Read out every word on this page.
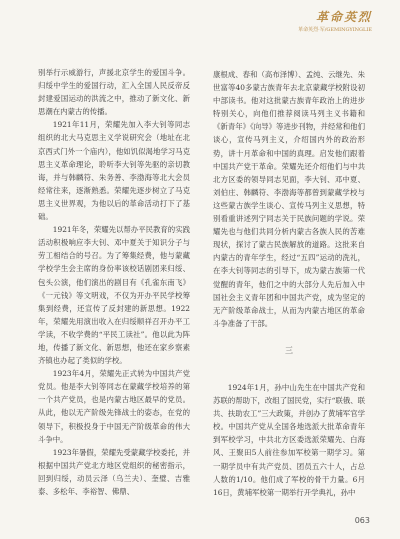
革命英烈
革命英烈·军/GEMINGYINGLIE

别举行示威游行，声援北京学生的爱国斗争。归绥中学生的爱国行动，汇入全国人民反帝反封建爱国运动的洪流之中，推动了新文化、新思潮在内蒙古的传播。

1921年11月，荣耀先加入李大钊等同志组织的北大马克思主义学说研究会（地址在北京西式门外一个庙内），他如饥似渴地学习马克思主义革命理论，聆听李大钊等先驱的亲切教诲，并与韩麟符、朱务善、李渤海等北大会员经常往来，逐渐熟悉。荣耀先逐步树立了马克思主义世界观，为他以后的革命活动打下了基础。

1921年冬，荣耀先以帮办平民教育的实践活动积极响应李大钊、邓中夏关于知识分子与劳工相结合的号召。为了筹集经费，他与蒙藏学校学生会主席的身份率该校话剧团来归绥、包头公演，他们演出的剧目有《孔雀东南飞》《一元钱》等文明戏，不仅为开办平民学校筹集到经费，还宣传了反封建的新思想。1922年，荣耀先用演出收入在归绥顺祥召开办平工学读，不收学费的“平民工读社”。他以此为阵地，传播了新文化、新思想，他还在家乡察素齐镇也办起了类似的学校。

1923年4月，荣耀先正式转为中国共产党党员。他是李大钊等同志在蒙藏学校培养的第一个共产党员，也是内蒙古地区最早的党员。从此，他以无产阶级先锋战士的姿态，在党的领导下，积极投身于中国无产阶级革命的伟大斗争中。

1923年暑假，荣耀先受蒙藏学校委托，并根据中国共产党北方地区党组织的秘密指示，回到归绥，动员云泽（乌兰夫）、奎璧、吉雅泰、多松年、李裕智、佛鼎、

康根成、春和（高布泽博）、孟纯、云继先、朱世富等40多蒙古族青年去北京蒙藏学校附设初中部读书。他对这批蒙古族青年政治上的进步特别关心，向他们推荐阅读马列主义书籍和《新青年》《向导》等进步刊物，并经常和他们谈心，宣传马列主义，介绍国内外的政治形势，讲十月革命和中国的真理。启发他们跟着中国共产党干革命。荣耀先还介绍他们与中共北方区委的领导同志见面，李大钊、邓中夏、刘伯庄、韩麟符、李渤海等都曾到蒙藏学校与这些蒙古族学生谈心、宣传马列主义思想，特别看重讲述列宁同志关于民族问题的学说。荣耀先也与他们共同分析内蒙古各族人民的苦难现状，探讨了蒙古民族解放的道路。这批来自内蒙古的青年学生，经过“五四”运动的洗礼，在李大钊等同志的引导下，成为蒙古族第一代觉醒的青年，他们之中的大部分人先后加入中国社会主义青年团和中国共产党，成为坚定的无产阶级革命战士，从而为内蒙古地区的革命斗争准备了干部。

三

1924年1月，孙中山先生在中国共产党和苏联的帮助下，改组了国民党，实行“联俄、联共、扶助农工”三大政策，并创办了黄埔军官学校。中国共产党从全国各地选派大批革命青年到军校学习，中共北方区委选派荣耀先、白海风、王聚田5人前往参加军校第一期学习。第一期学员中有共产党员、团员五六十人，占总人数的1/10。他们成了军校的骨干力量。6月16日，黄埔军校第一期举行开学典礼，孙中

063
